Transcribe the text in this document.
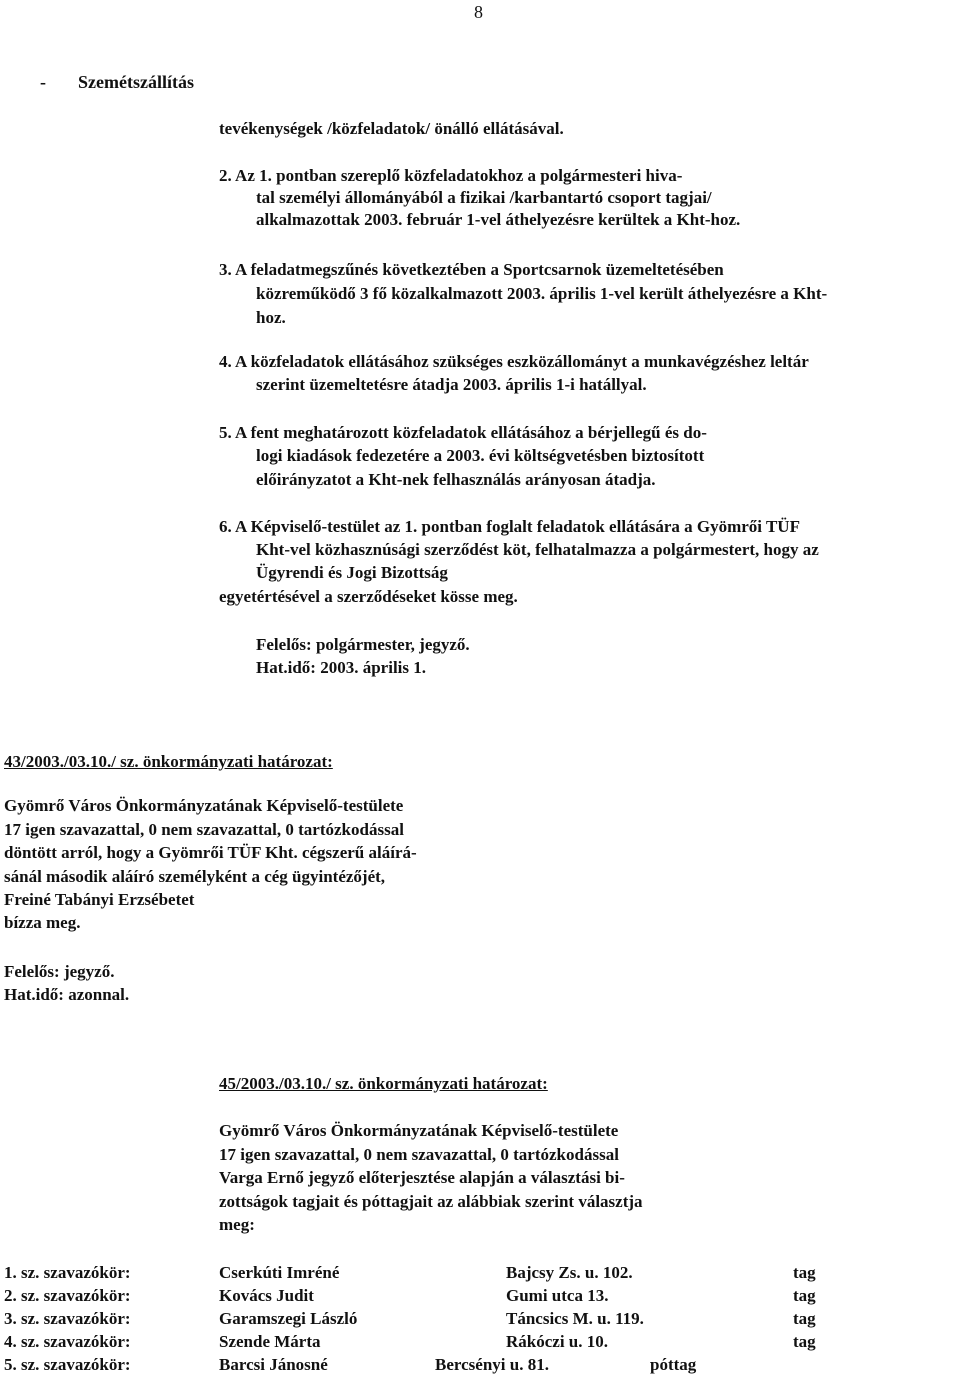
8
- Szemétszállítás
tevékenységek /közfeladatok/ önálló ellátásával.
2. Az 1. pontban szereplő közfeladatokhoz a polgármesteri hiva-
tal személyi állományából a fizikai /karbantartó csoport tagjai/
alkalmazottak 2003. február 1-vel áthelyezésre kerültek a Kht-hoz.
3. A feladatmegszűnés következtében a Sportcsarnok üzemeltetésében
közreműködő 3 fő közalkalmazott 2003. április 1-vel került áthelyezésre a Kht-
hoz.
4. A közfeladatok ellátásához szükséges eszközállományt a munkavégzéshez leltár
szerint üzemeltetésre átadja 2003. április 1-i hatállyal.
5. A fent meghatározott közfeladatok ellátásához a bérjellegű és do-
logi kiadások fedezetére a 2003. évi költségvetésben biztosított
előirányzatot a Kht-nek felhasználás arányosan átadja.
6. A Képviselő-testület az 1. pontban foglalt feladatok ellátására a Gyömrői TÜF
Kht-vel közhasznúsági szerződést köt, felhatalmazza a polgármestert, hogy az
Ügyrendi és Jogi Bizottság
egyetértésével a szerződéseket kösse meg.
Felelős: polgármester, jegyző.
Hat.idő: 2003. április 1.
43/2003./03.10./ sz. önkormányzati határozat:
Gyömrő Város Önkormányzatának Képviselő-testülete
17 igen szavazattal, 0 nem szavazattal, 0 tartózkodással
döntött arról, hogy a Gyömrői TÜF Kht. cégszerű aláírá-
sánál második aláíró személyként a cég ügyintézőjét,
Freiné Tabányi Erzsébetet
bízza meg.
Felelős: jegyző.
Hat.idő: azonnal.
45/2003./03.10./ sz. önkormányzati határozat:
Gyömrő Város Önkormányzatának Képviselő-testülete
17 igen szavazattal, 0 nem szavazattal, 0 tartózkodással
Varga Ernő jegyző előterjesztése alapján a választási bi-
zottságok tagjait és póttagjait az alábbiak szerint választja
meg:
1. sz. szavazókör:	Cserkúti Imréné	Bajcsy Zs. u. 102.	tag
2. sz. szavazókör:	Kovács Judit	Gumi utca 13.	tag
3. sz. szavazókör:	Garamszegi László	Táncsics M. u. 119.	tag
4. sz. szavazókör:	Szende Márta	Rákóczi u. 10.	tag
5. sz. szavazókör:	Barcsi Jánosné	Bercsényi u. 81.	póttag
